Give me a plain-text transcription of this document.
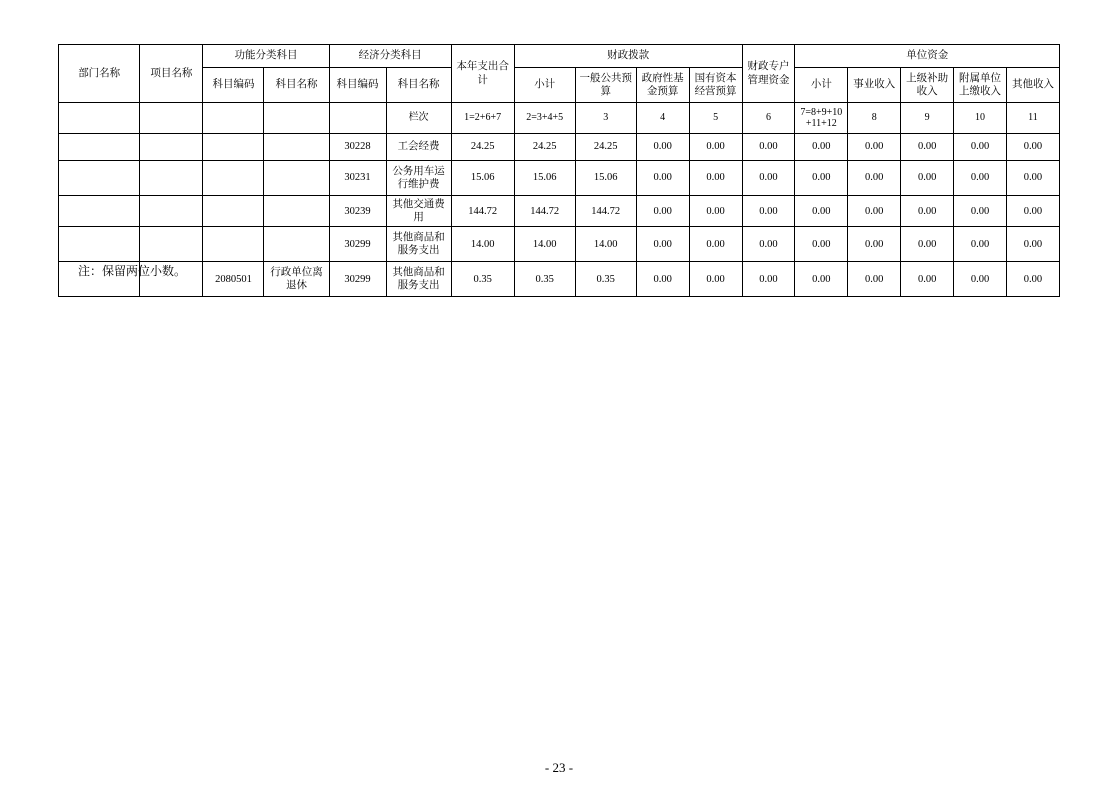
部门名称	项目名称	功能分类科目		经济分类科目		本年支出合计	财政拨款				财政专户管理资金	单位资金				
		科目编码	科目名称	科目编码	科目名称		小计	一般公共预算	政府性基金预算	国有资本经营预算		小计	事业收入	上级补助收入	附属单位上缴收入	其他收入
					栏次	1=2+6+7	2=3+4+5	3	4	5	6	7=8+9+10+11+12	8	9	10	11
				30228	工会经费	24.25	24.25	24.25	0.00	0.00	0.00	0.00	0.00	0.00	0.00	0.00
				30231	公务用车运行维护费	15.06	15.06	15.06	0.00	0.00	0.00	0.00	0.00	0.00	0.00	0.00
				30239	其他交通费用	144.72	144.72	144.72	0.00	0.00	0.00	0.00	0.00	0.00	0.00	0.00
				30299	其他商品和服务支出	14.00	14.00	14.00	0.00	0.00	0.00	0.00	0.00	0.00	0.00	0.00
		2080501	行政单位离退休	30299	其他商品和服务支出	0.35	0.35	0.35	0.00	0.00	0.00	0.00	0.00	0.00	0.00	0.00
注：保留两位小数。
- 23 -
